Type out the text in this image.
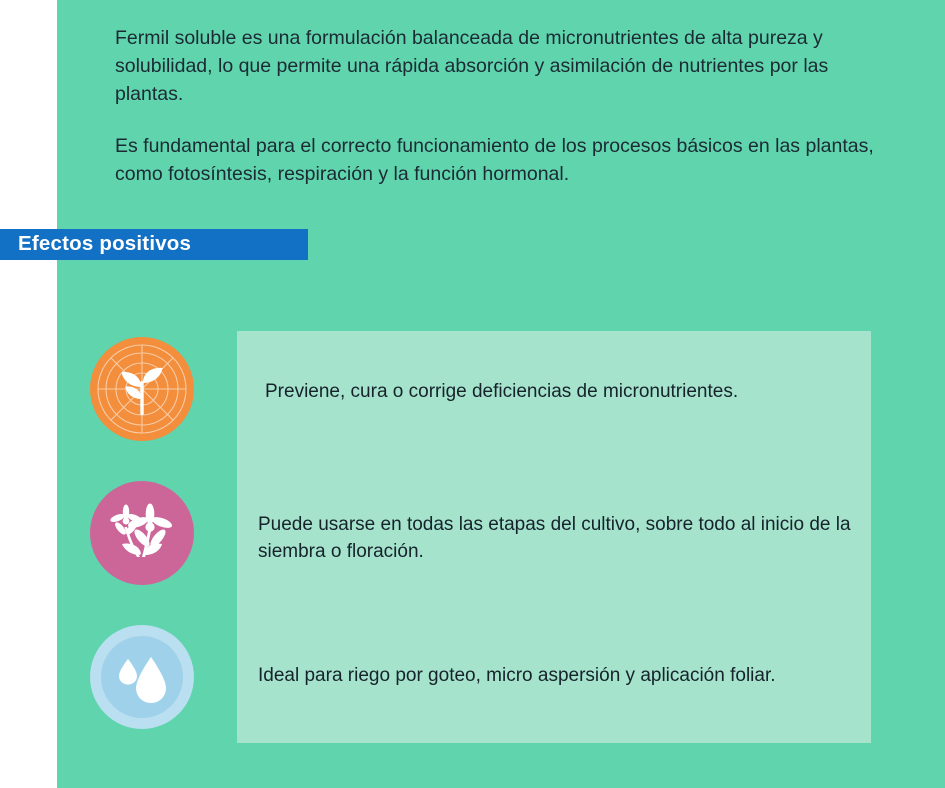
Fermil soluble es una formulación balanceada de micronutrientes de alta pureza y solubilidad, lo que permite una rápida absorción y asimilación de nutrientes por las plantas.

Es fundamental para el correcto funcionamiento de los procesos básicos en las plantas, como fotosíntesis, respiración y la función hormonal.

Efectos positivos
Previene, cura o corrige deficiencias de micronutrientes.
Puede usarse en todas las etapas del cultivo, sobre todo al inicio de la siembra o floración.
Ideal para riego por goteo, micro aspersión y aplicación foliar.
